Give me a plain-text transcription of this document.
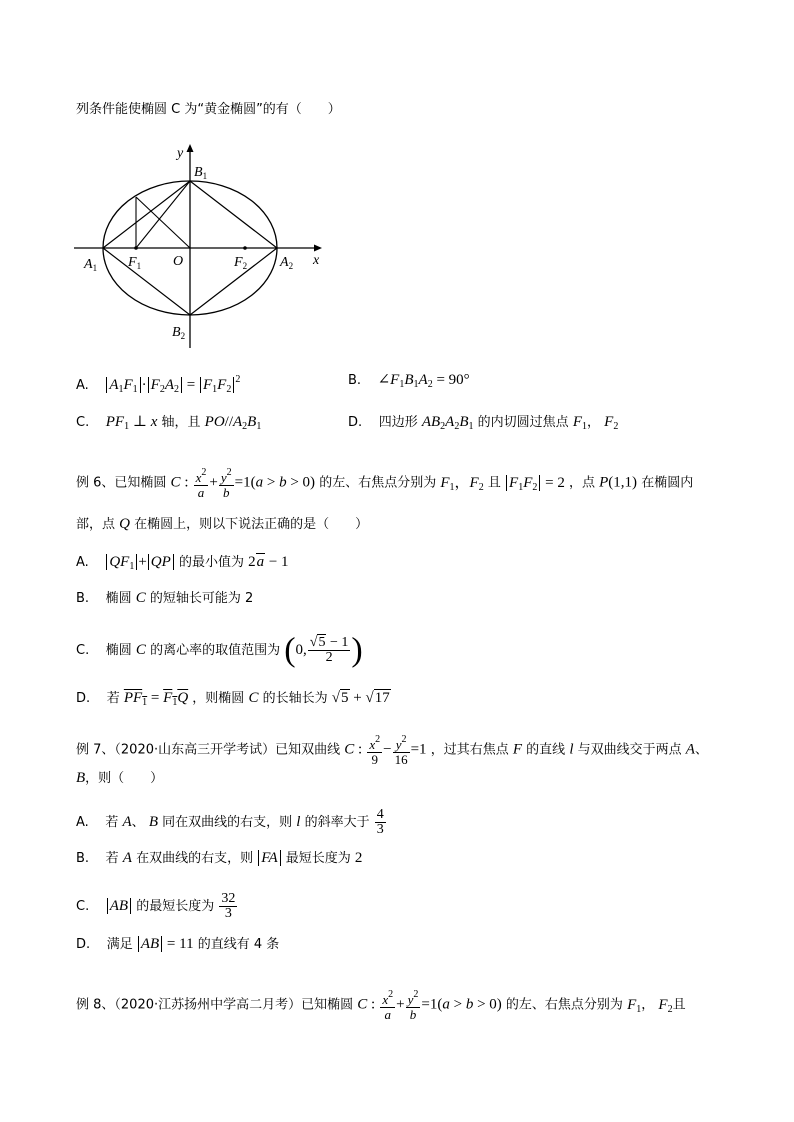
列条件能使椭圆 C 为“黄金椭圆”的有（　　）
y
x
O
$B_1$
$B_2$
$A_1$	$A_2$
$F_1$	$F_2$
A. $A_1F_1 \cdot F_2A_2 = F_1F_2^2$	B. $\angle F_1B_1A_2 = 90^\circ$
C. $PF_1$ ⊥ x 轴，且 $PO//A_2B_1$	D. 四边形 $AB_2A_2B_1$ 的内切圆过焦点 $F_1$， $F_2$
例 6、已知椭圆 C : $\frac{x^2}{a} + \frac{y^2}{b} =1(a > b > 0)$ 的左、右焦点分别为 $F_1$，$F_2$ 且 $F_1F_2 = 2$ ，点 P(1,1) 在椭圆内
部，点 Q 在椭圆上，则以下说法正确的是（　　）
A. $QF_1$ + QP 的最小值为 2a − 1
B. 椭圆 C 的短轴长可能为 2
C. 椭圆 C 的离心率的取值范围为 (0, $\frac{√5 - 1}{2}$ )
D. 若 $PF_1 = F_1Q$ ，则椭圆 C 的长轴长为 √5 + √17
例 7、（2020·山东高三开学考试）已知双曲线 C : $\frac{x^2}{9} - \frac{y^2}{16} =1$ ，过其右焦点 F 的直线 l 与双曲线交于两点 A、
B，则（　　）
A. 若 A、 B 同在双曲线的右支，则 l 的斜率大于 $\frac{4}{3}$
B. 若 A 在双曲线的右支，则 FA 最短长度为 2
C. AB 的最短长度为 $\frac{32}{3}$
D. 满足 AB = 11 的直线有 4 条
例 8、（2020·江苏扬州中学高二月考）已知椭圆 C : $\frac{x^2}{a} + \frac{y^2}{b} =1(a > b > 0)$ 的左、右焦点分别为 $F_1$， $F_2$且
